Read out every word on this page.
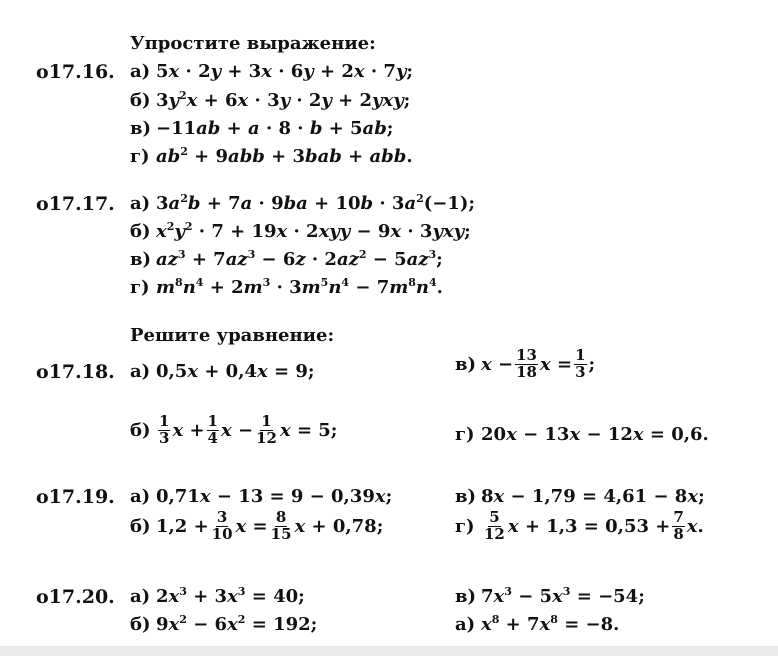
Упростите выражение:
o17.16. а) 5x · 2y + 3x · 6y + 2x · 7y;
б) $3y^2x + 6x \cdot 3y \cdot 2y + 2yxy$;
в) −11ab + a · 8 · b + 5ab;
г) $ab^2 + 9abb + 3bab$ + abb.
o17.17. а) $3a^2b + 7a \cdot 9ba + 10b \cdot 3a^2(-1)$;
б) $x^2y^2 \cdot 7 + 19x \cdot 2xyy - 9x \cdot 3yxy$;
в) $az^3 + 7az^3 - 6z \cdot 2az^2 - 5az^3$;
г) $m^8n^4 + 2m^3 \cdot 3m^5n^4 - 7m^8n^4$.
Решите уравнение:
o17.18. а) 0,5x + 0,4x = 9;	в) $x - \frac{13}{18}$ $x = \frac{1}{3}$ ;
$б) \frac{1}{3}$ $x + \frac{1}{4}$ $x - \frac{1}{12}$ x = 5;	г) 20x − 13x − 12x = 0,6.
o17.19. а) 0,71x − 13 = 9 − 0,39x;	в) 8x − 1,79 = 4,61 − 8x;
б) $1,2 + \frac{3}{10}$ $x = \frac{8}{15}$ x + 0,78;	$г) \frac{5}{12}$ $x + 1,3 = 0,53 + \frac{7}{8}$ x .
o17.20. а) $2x^3 + 3x^3 = 40$;	в) $7x^3 - 5x^3 = -54$;
б) $9x^2 - 6x^2 = 192$;	а) $x^8 + 7x^8 = -8$.
